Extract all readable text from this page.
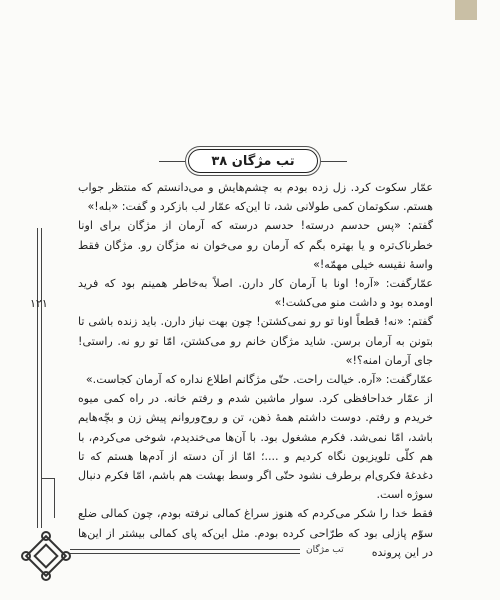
تب مژگان ۳۸

عمّار سکوت کرد. زل زده بودم به چشم‌هایش و می‌دانستم که منتظر جواب هستم. سکوتمان کمی طولانی شد، تا این‌که عمّار لب بازکرد و گفت: «بله!»

گفتم: «پس حدسم درسته! حدسم درسته که آرمان از مژگان برای اونا خطرناک‌تره و یا بهتره بگم که آرمان رو می‌خوان نه مژگان رو. مژگان فقط واسهٔ نقیسه خیلی مهمّه!»

عمّارگفت: «آره! اونا با آرمان کار دارن. اصلاً به‌خاطر همینم بود که فرید اومده بود و داشت منو می‌کشت!»

گفتم: «نه! قطعاً اونا تو رو نمی‌کشتن! چون بهت نیاز دارن. باید زنده باشی تا بتونن به آرمان برسن. شاید مژگان خانم رو می‌کشتن، امّا تو رو نه. راستی! جای آرمان امنه؟!»

عمّارگفت: «آره. خیالت راحت. حتّی مژگانم اطلاع نداره که آرمان کجاست.»

از عمّار خداحافظی کرد. سوار ماشین شدم و رفتم خانه. در راه کمی میوه خریدم و رفتم. دوست داشتم همهٔ ذهن، تن و روح‌وروانم پیش زن و بچّه‌هایم باشد، امّا نمی‌شد. فکرم مشغول بود. با آن‌ها می‌خندیدم، شوخی می‌کردم، با هم کلّی تلویزیون نگاه کردیم و ....؛ امّا از آن دسته از آدم‌ها هستم که تا دغدغهٔ فکری‌ام برطرف نشود حتّی اگر وسط بهشت هم باشم، امّا فکرم دنبال سوژه است.

فقط خدا را شکر می‌کردم که هنوز سراغ کمالی نرفته بودم، چون کمالی ضلع سوّم پازلی بود که طرّاحی کرده بودم. مثل این‌که پای کمالی بیشتر از این‌ها در این پرونده

۱۲۱
تب مژگان
